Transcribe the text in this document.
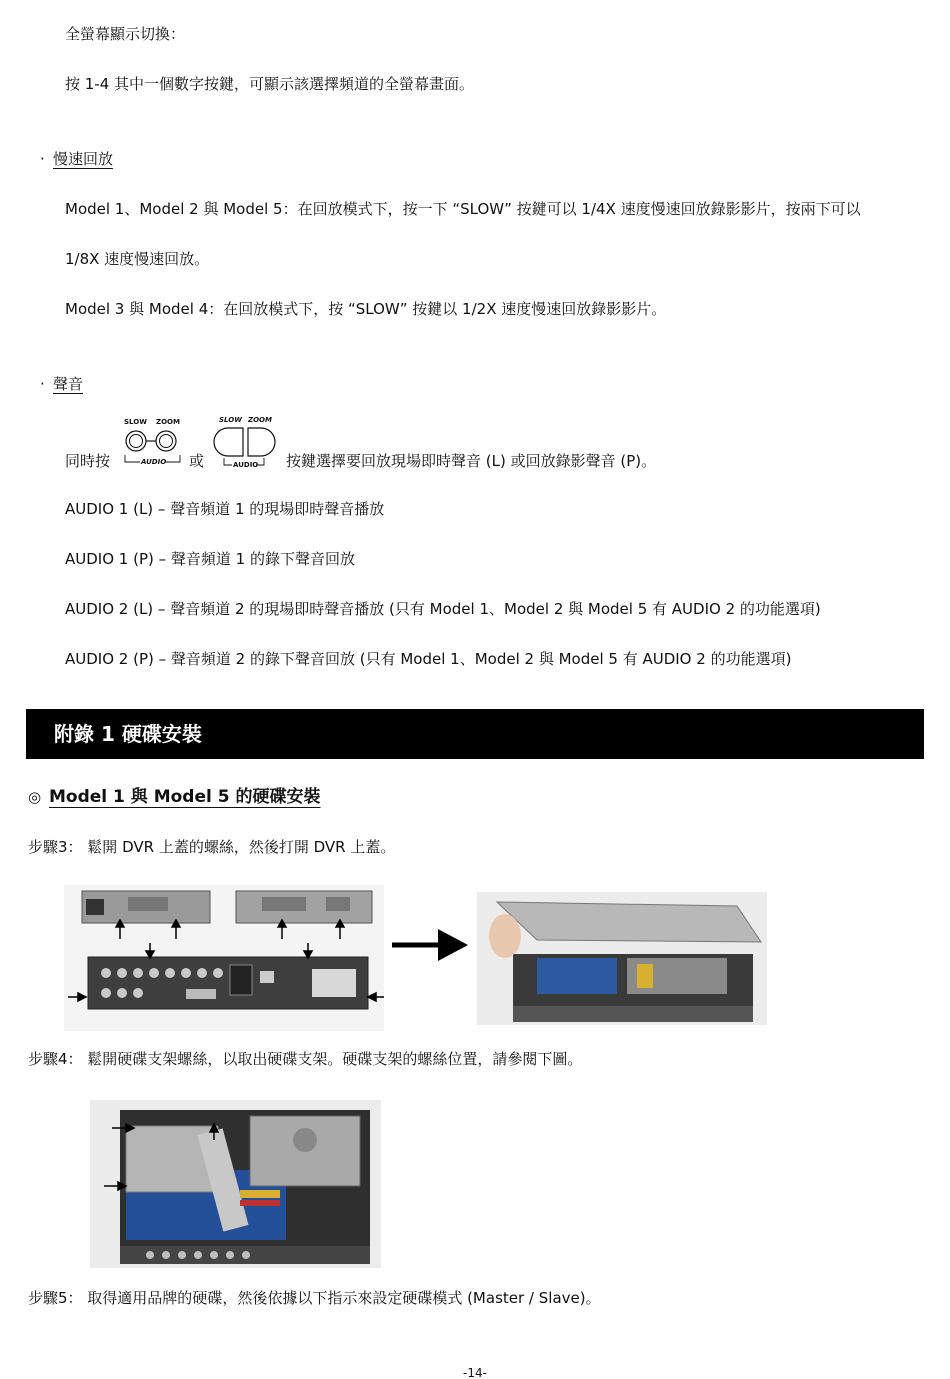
全螢幕顯示切換：
按 1-4 其中一個數字按鍵，可顯示該選擇頻道的全螢幕畫面。
· 慢速回放
Model 1、Model 2 與 Model 5：在回放模式下，按一下 “SLOW” 按鍵可以 1/4X 速度慢速回放錄影影片，按兩下可以
1/8X 速度慢速回放。
Model 3 與 Model 4：在回放模式下，按 “SLOW” 按鍵以 1/2X 速度慢速回放錄影影片。
· 聲音
同時按
SLOW ZOOM
AUDIO 或
SLOW ZOOM
AUDIO 按鍵選擇要回放現場即時聲音 (L) 或回放錄影聲音 (P)。
AUDIO 1 (L) – 聲音頻道 1 的現場即時聲音播放
AUDIO 1 (P) – 聲音頻道 1 的錄下聲音回放
AUDIO 2 (L) – 聲音頻道 2 的現場即時聲音播放 (只有 Model 1、Model 2 與 Model 5 有 AUDIO 2 的功能選項)
AUDIO 2 (P) – 聲音頻道 2 的錄下聲音回放 (只有 Model 1、Model 2 與 Model 5 有 AUDIO 2 的功能選項)
附錄 1 硬碟安裝
◎ Model 1 與 Model 5 的硬碟安裝
步驟3： 鬆開 DVR 上蓋的螺絲，然後打開 DVR 上蓋。
步驟4： 鬆開硬碟支架螺絲，以取出硬碟支架。硬碟支架的螺絲位置，請參閱下圖。
步驟5： 取得適用品牌的硬碟，然後依據以下指示來設定硬碟模式 (Master / Slave)。
-14-
